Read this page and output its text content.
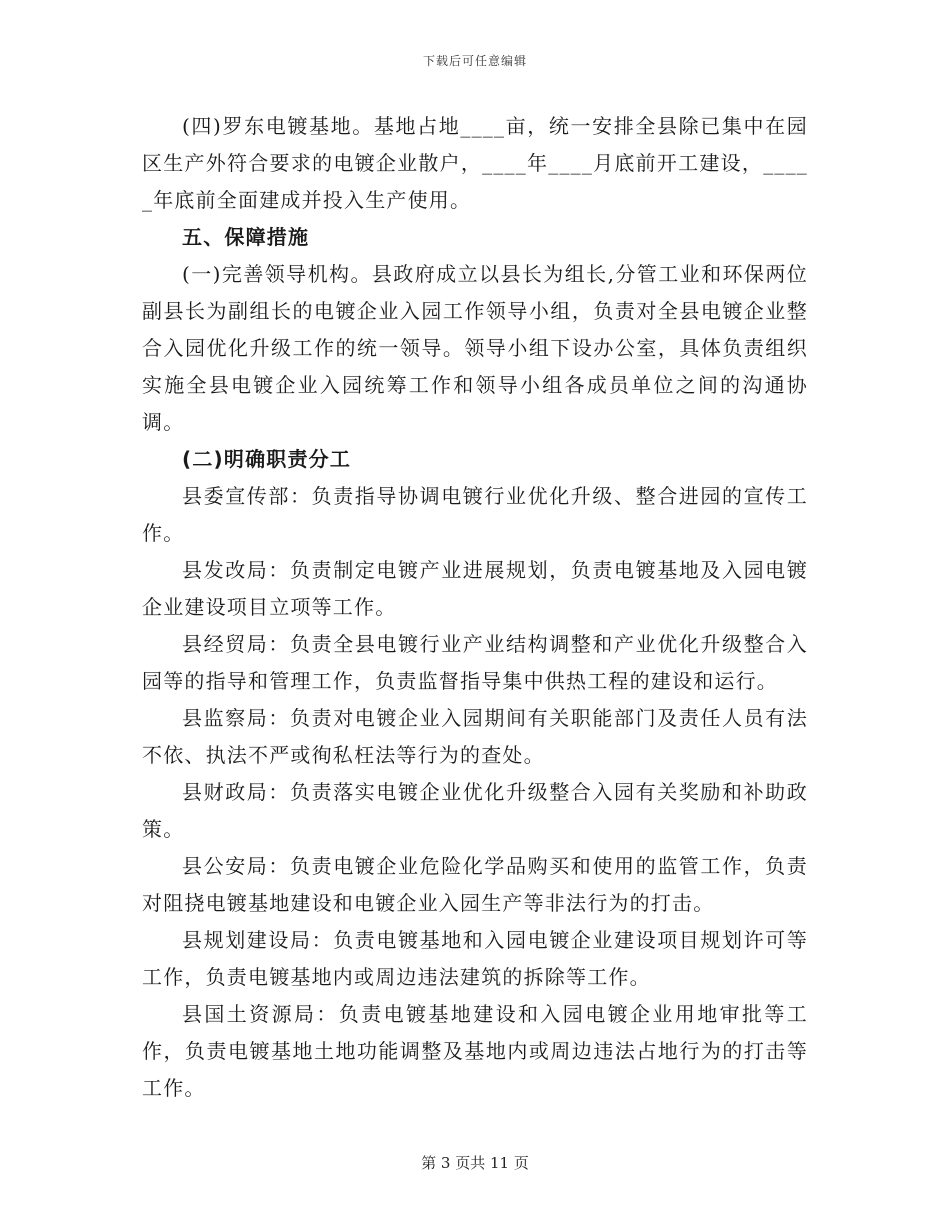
下载后可任意编辑

(四)罗东电镀基地。基地占地____亩，统一安排全县除已集中在园区生产外符合要求的电镀企业散户，____年____月底前开工建设，_____年底前全面建成并投入生产使用。

五、保障措施

(一)完善领导机构。县政府成立以县长为组长,分管工业和环保两位副县长为副组长的电镀企业入园工作领导小组，负责对全县电镀企业整合入园优化升级工作的统一领导。领导小组下设办公室，具体负责组织实施全县电镀企业入园统筹工作和领导小组各成员单位之间的沟通协调。

(二)明确职责分工

县委宣传部：负责指导协调电镀行业优化升级、整合进园的宣传工作。

县发改局：负责制定电镀产业进展规划，负责电镀基地及入园电镀企业建设项目立项等工作。

县经贸局：负责全县电镀行业产业结构调整和产业优化升级整合入园等的指导和管理工作，负责监督指导集中供热工程的建设和运行。

县监察局：负责对电镀企业入园期间有关职能部门及责任人员有法不依、执法不严或徇私枉法等行为的查处。

县财政局：负责落实电镀企业优化升级整合入园有关奖励和补助政策。

县公安局：负责电镀企业危险化学品购买和使用的监管工作，负责对阻挠电镀基地建设和电镀企业入园生产等非法行为的打击。

县规划建设局：负责电镀基地和入园电镀企业建设项目规划许可等工作，负责电镀基地内或周边违法建筑的拆除等工作。

县国土资源局：负责电镀基地建设和入园电镀企业用地审批等工作，负责电镀基地土地功能调整及基地内或周边违法占地行为的打击等工作。

第 3 页共 11 页
